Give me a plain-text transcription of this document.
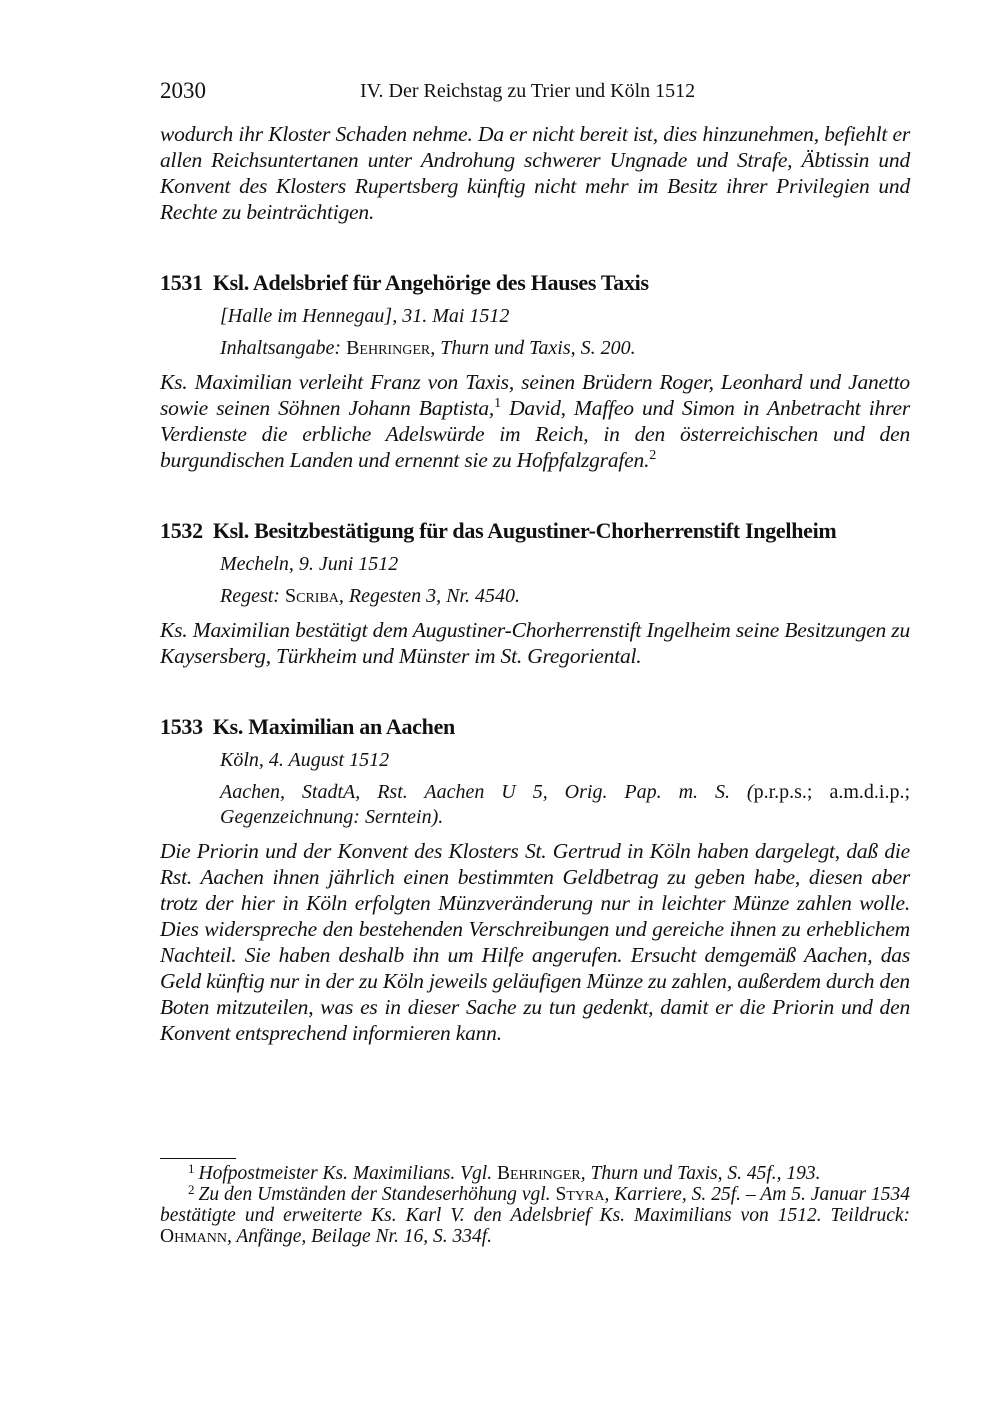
2030	IV. Der Reichstag zu Trier und Köln 1512

wodurch ihr Kloster Schaden nehme. Da er nicht bereit ist, dies hinzunehmen, befiehlt er allen Reichsuntertanen unter Androhung schwerer Ungnade und Strafe, Äbtissin und Konvent des Klosters Rupertsberg künftig nicht mehr im Besitz ihrer Privilegien und Rechte zu beinträchtigen.

1531 Ksl. Adelsbrief für Angehörige des Hauses Taxis
[Halle im Hennegau], 31. Mai 1512
Inhaltsangabe: Behringer, Thurn und Taxis, S. 200.

Ks. Maximilian verleiht Franz von Taxis, seinen Brüdern Roger, Leonhard und Janetto sowie seinen Söhnen Johann Baptista,$^1$ David, Maffeo und Simon in Anbetracht ihrer Verdienste die erbliche Adelswürde im Reich, in den österreichischen und den burgundischen Landen und ernennt sie zu Hofpfalzgrafen.$^2$

1532 Ksl. Besitzbestätigung für das Augustiner-Chorherrenstift Ingelheim
Mecheln, 9. Juni 1512
Regest: Scriba, Regesten 3, Nr. 4540.

Ks. Maximilian bestätigt dem Augustiner-Chorherrenstift Ingelheim seine Besitzungen zu Kaysersberg, Türkheim und Münster im St. Gregoriental.

1533 Ks. Maximilian an Aachen
Köln, 4. August 1512
Aachen, StadtA, Rst. Aachen U 5, Orig. Pap. m. S. (p.r.p.s.; a.m.d.i.p.; Gegenzeichnung: Serntein).

Die Priorin und der Konvent des Klosters St. Gertrud in Köln haben dargelegt, daß die Rst. Aachen ihnen jährlich einen bestimmten Geldbetrag zu geben habe, diesen aber trotz der hier in Köln erfolgten Münzveränderung nur in leichter Münze zahlen wolle. Dies widerspreche den bestehenden Verschreibungen und gereiche ihnen zu erheblichem Nachteil. Sie haben deshalb ihn um Hilfe angerufen. Ersucht demgemäß Aachen, das Geld künftig nur in der zu Köln jeweils geläufigen Münze zu zahlen, außerdem durch den Boten mitzuteilen, was es in dieser Sache zu tun gedenkt, damit er die Priorin und den Konvent entsprechend informieren kann.

$^1$ Hofpostmeister Ks. Maximilians. Vgl. Behringer, Thurn und Taxis, S. 45f., 193.

$^2$ Zu den Umständen der Standeserhöhung vgl. Styra, Karriere, S. 25f. – Am 5. Januar 1534 bestätigte und erweiterte Ks. Karl V. den Adelsbrief Ks. Maximilians von 1512. Teildruck: Ohmann, Anfänge, Beilage Nr. 16, S. 334f.
